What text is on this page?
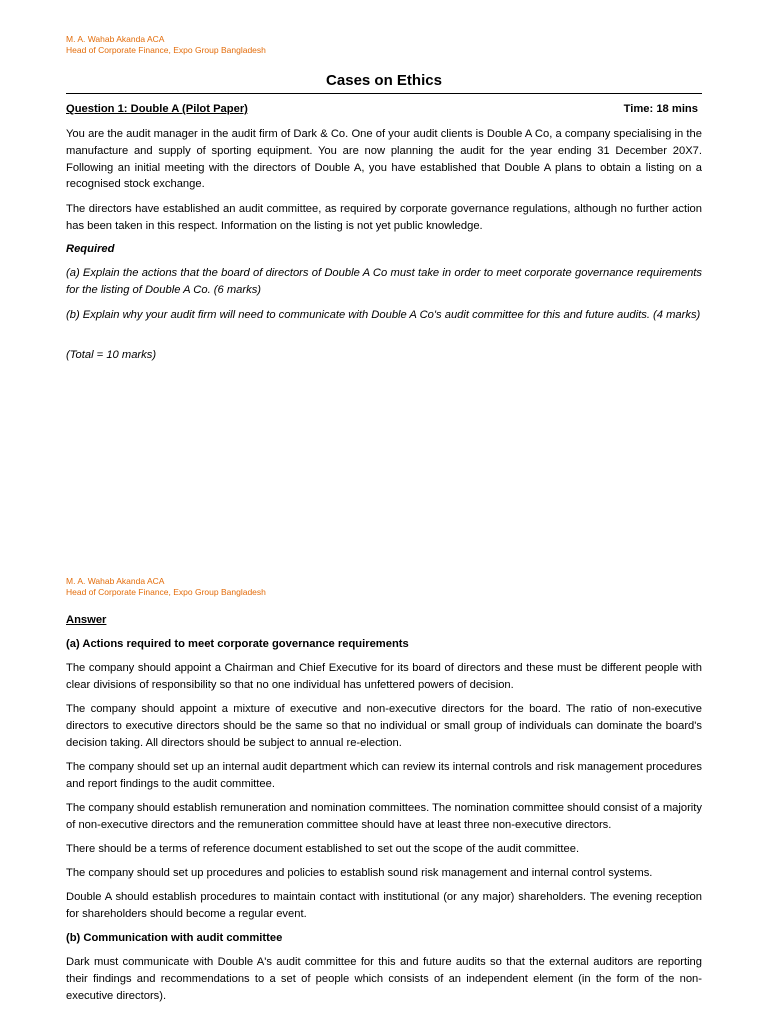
M. A. Wahab Akanda ACA
Head of Corporate Finance, Expo Group Bangladesh
Cases on Ethics
Question 1: Double A (Pilot Paper)	Time: 18 mins

You are the audit manager in the audit firm of Dark & Co. One of your audit clients is Double A Co, a company specialising in the manufacture and supply of sporting equipment. You are now planning the audit for the year ending 31 December 20X7. Following an initial meeting with the directors of Double A, you have established that Double A plans to obtain a listing on a recognised stock exchange.

The directors have established an audit committee, as required by corporate governance regulations, although no further action has been taken in this respect. Information on the listing is not yet public knowledge.

Required

(a) Explain the actions that the board of directors of Double A Co must take in order to meet corporate governance requirements for the listing of Double A Co. (6 marks)

(b) Explain why your audit firm will need to communicate with Double A Co's audit committee for this and future audits. (4 marks)

(Total = 10 marks)

M. A. Wahab Akanda ACA
Head of Corporate Finance, Expo Group Bangladesh

Answer

(a) Actions required to meet corporate governance requirements

The company should appoint a Chairman and Chief Executive for its board of directors and these must be different people with clear divisions of responsibility so that no one individual has unfettered powers of decision.

The company should appoint a mixture of executive and non-executive directors for the board. The ratio of non-executive directors to executive directors should be the same so that no individual or small group of individuals can dominate the board's decision taking. All directors should be subject to annual re-election.

The company should set up an internal audit department which can review its internal controls and risk management procedures and report findings to the audit committee.

The company should establish remuneration and nomination committees. The nomination committee should consist of a majority of non-executive directors and the remuneration committee should have at least three non-executive directors.

There should be a terms of reference document established to set out the scope of the audit committee.

The company should set up procedures and policies to establish sound risk management and internal control systems.

Double A should establish procedures to maintain contact with institutional (or any major) shareholders. The evening reception for shareholders should become a regular event.

(b) Communication with audit committee

Dark must communicate with Double A's audit committee for this and future audits so that the external auditors are reporting their findings and recommendations to a set of people which consists of an independent element (in the form of the non-executive directors).
